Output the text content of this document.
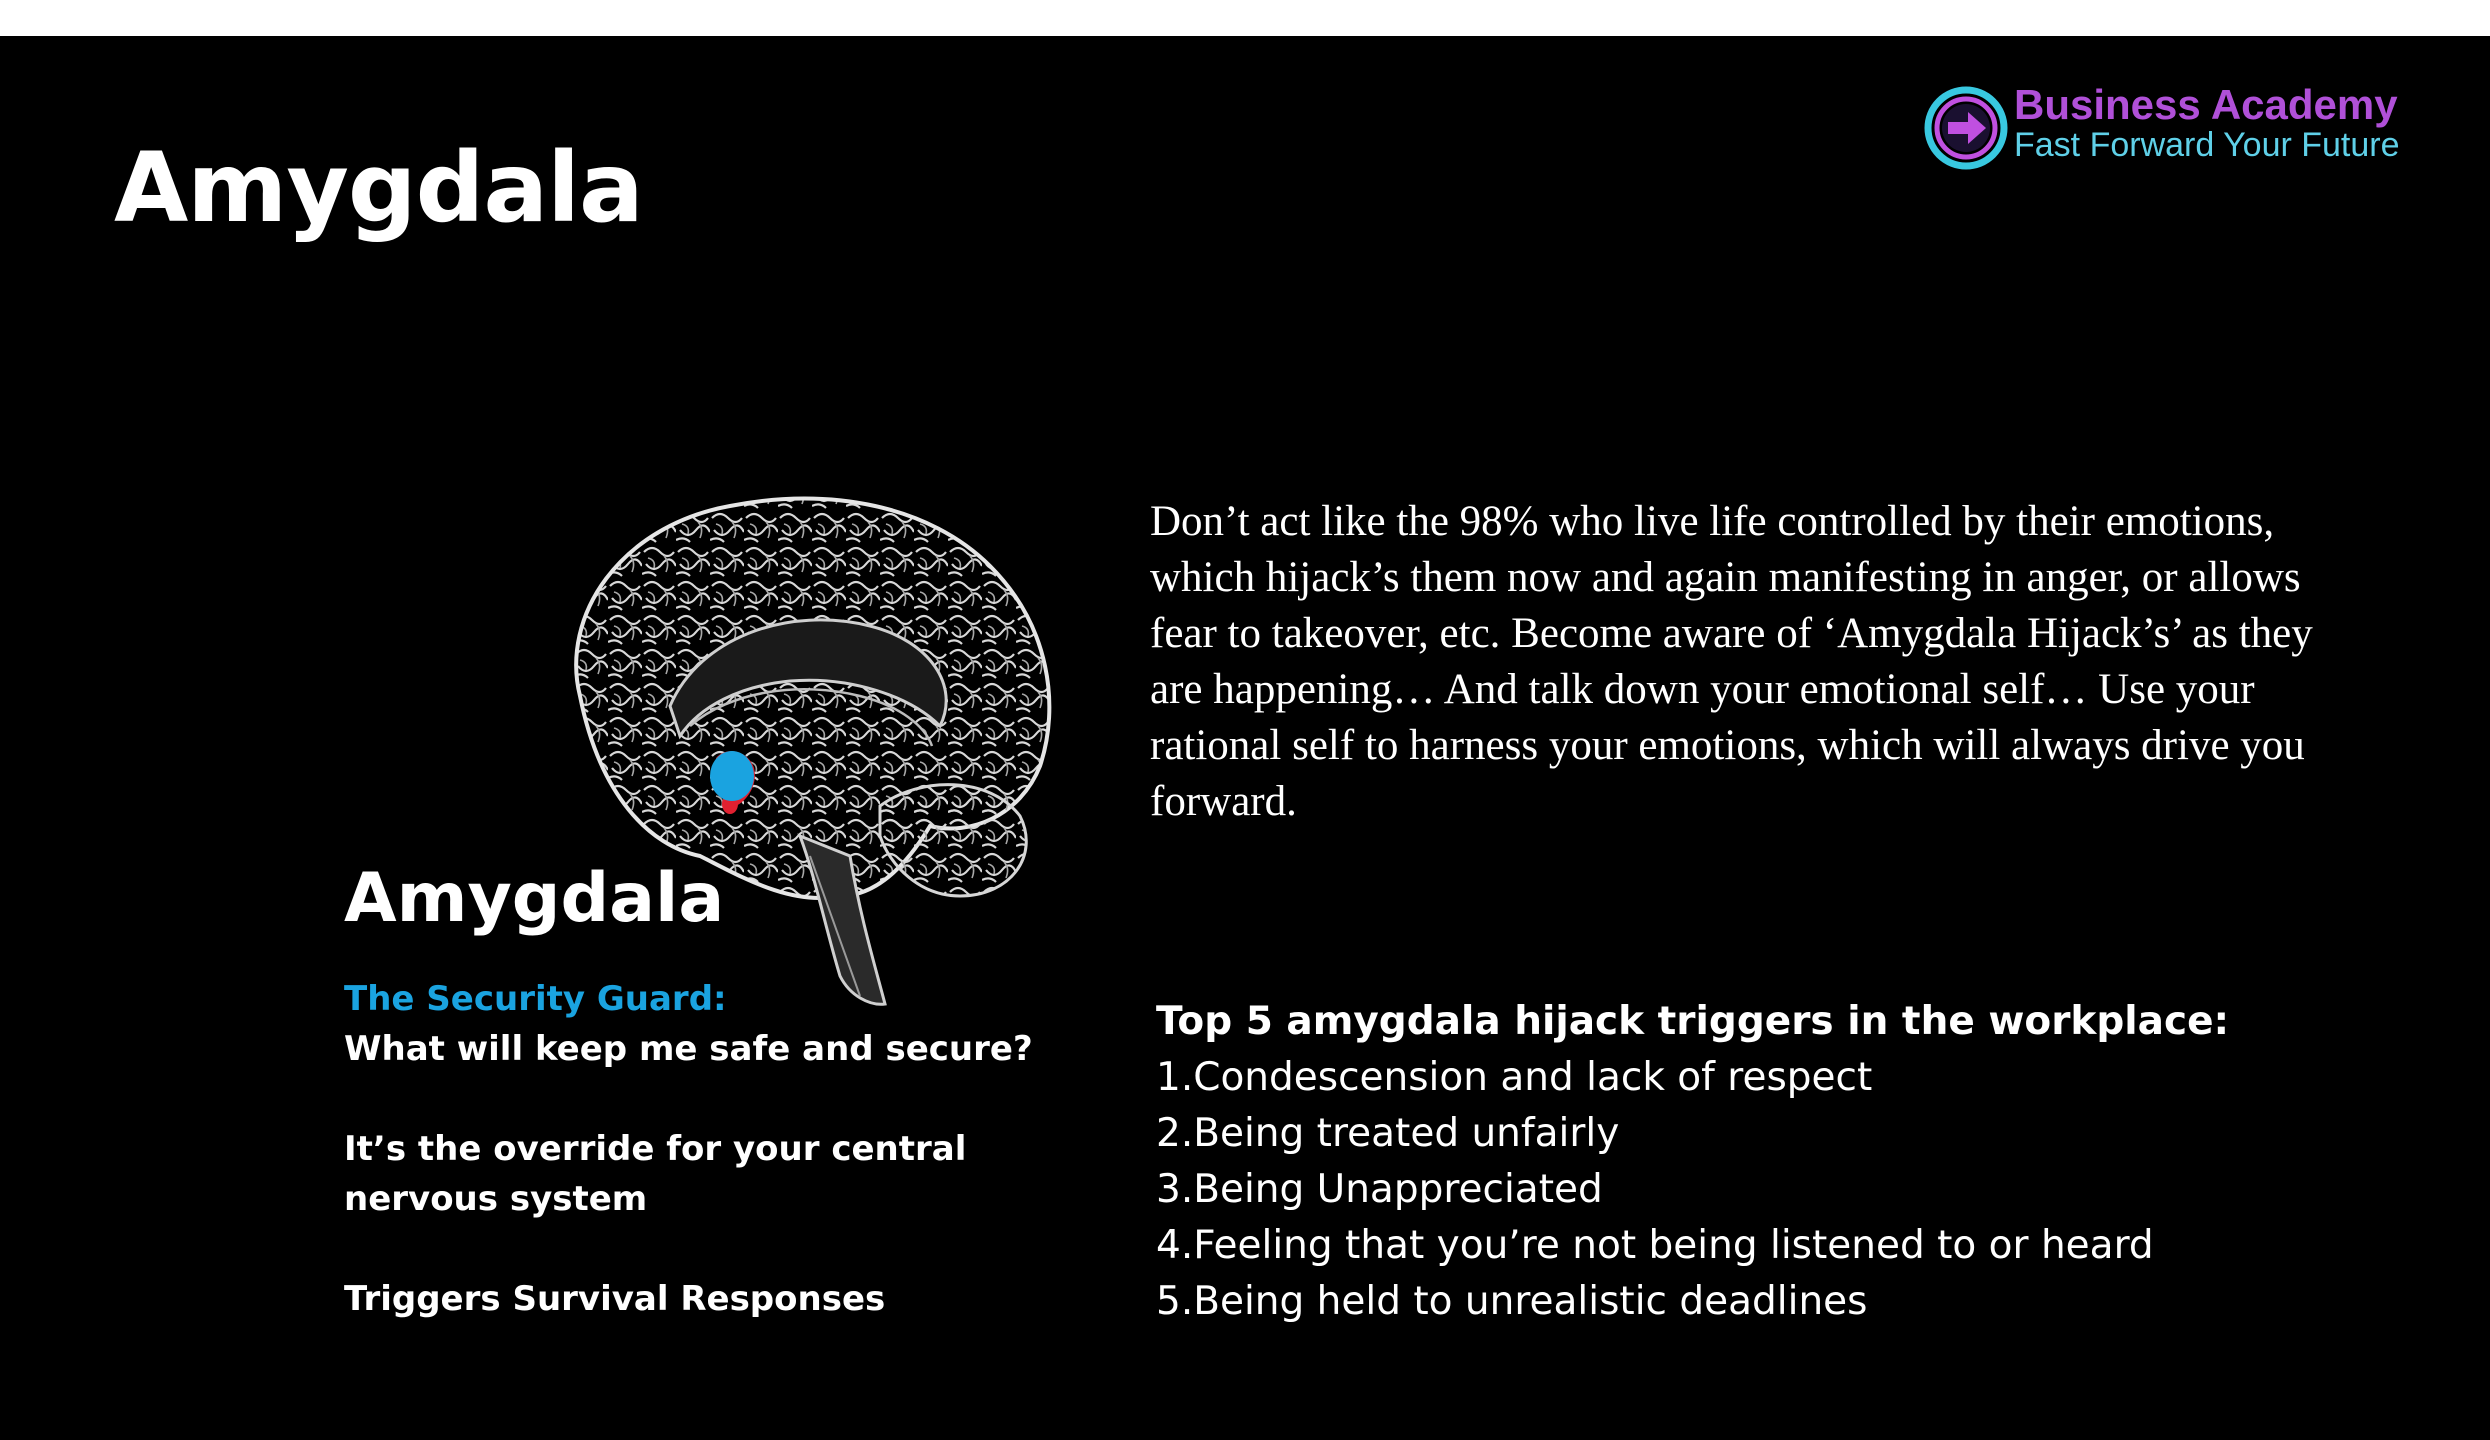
Amygdala
Business Academy
Fast Forward Your Future
Amygdala
The Security Guard:
What will keep me safe and secure?
It’s the override for your central
nervous system
Triggers Survival Responses

Don’t act like the 98% who live life controlled by their emotions, which hijack’s them now and again manifesting in anger, or allows fear to takeover, etc. Become aware of ‘Amygdala Hijack’s’ as they are happening… And talk down your emotional self… Use your rational self to harness your emotions, which will always drive you forward.

Top 5 amygdala hijack triggers in the workplace:
1.Condescension and lack of respect
2.Being treated unfairly
3.Being Unappreciated
4.Feeling that you’re not being listened to or heard
5.Being held to unrealistic deadlines
